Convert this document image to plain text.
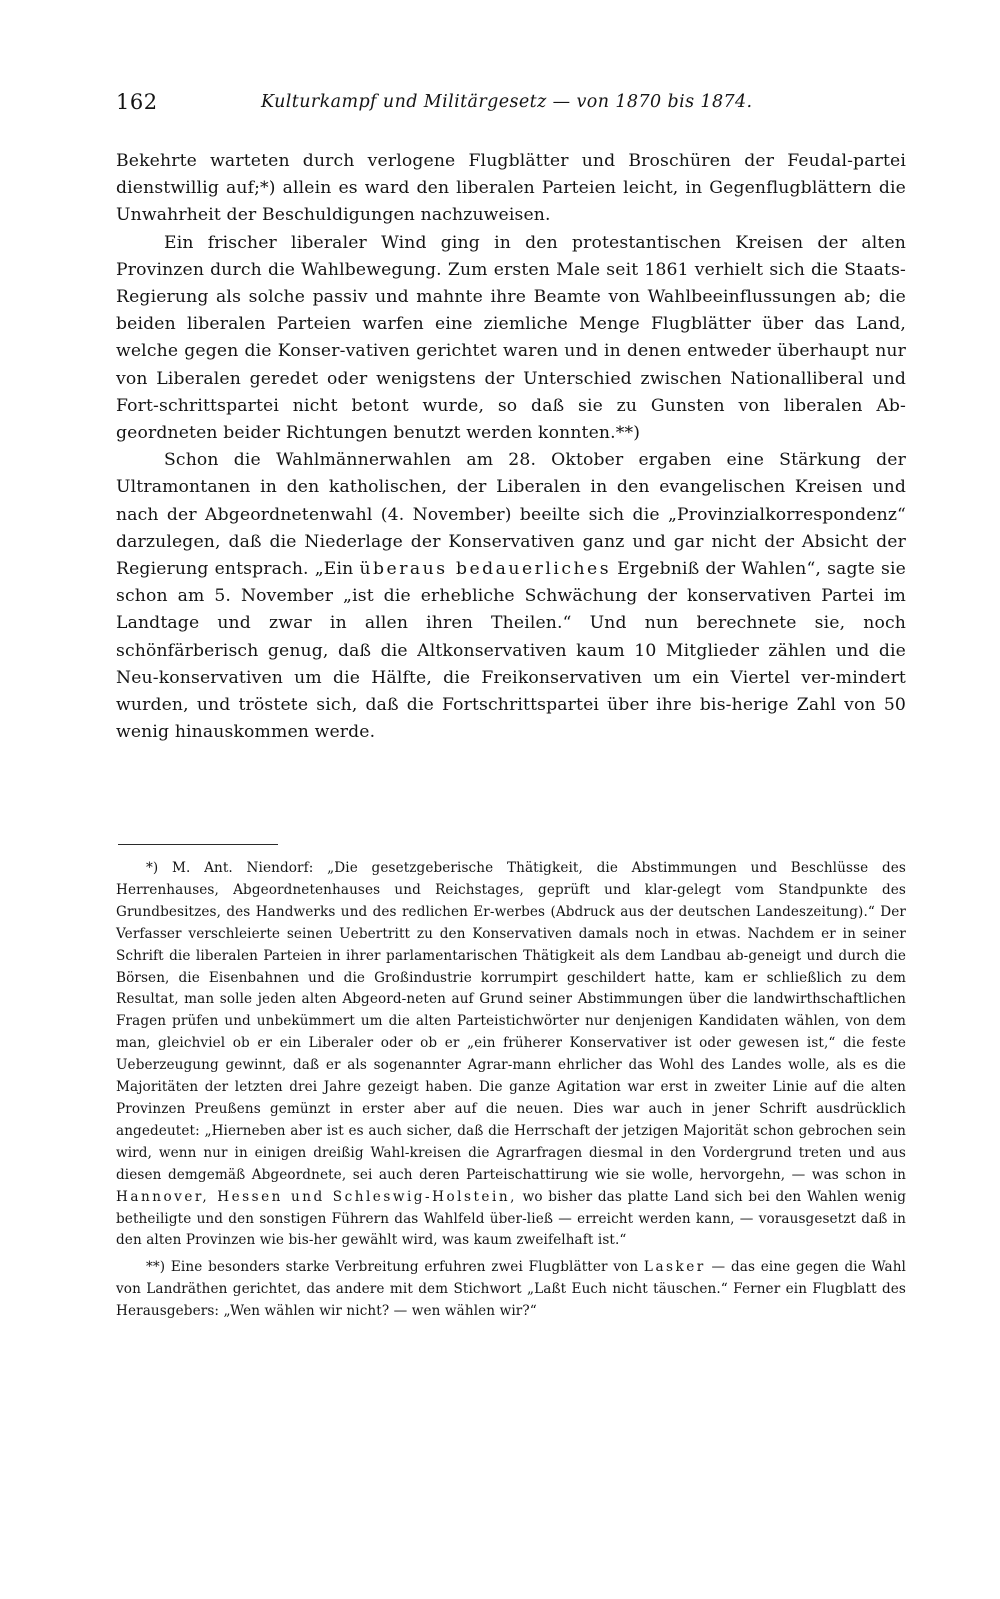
162	Kulturkampf und Militärgesetz — von 1870 bis 1874.

Bekehrte warteten durch verlogene Flugblätter und Broschüren der Feudal-partei dienstwillig auf;*) allein es ward den liberalen Parteien leicht, in Gegenflugblättern die Unwahrheit der Beschuldigungen nachzuweisen.

Ein frischer liberaler Wind ging in den protestantischen Kreisen der alten Provinzen durch die Wahlbewegung. Zum ersten Male seit 1861 verhielt sich die Staats-Regierung als solche passiv und mahnte ihre Beamte von Wahlbeeinflussungen ab; die beiden liberalen Parteien warfen eine ziemliche Menge Flugblätter über das Land, welche gegen die Konser-vativen gerichtet waren und in denen entweder überhaupt nur von Liberalen geredet oder wenigstens der Unterschied zwischen Nationalliberal und Fort-schrittspartei nicht betont wurde, so daß sie zu Gunsten von liberalen Ab-geordneten beider Richtungen benutzt werden konnten.**)

Schon die Wahlmännerwahlen am 28. Oktober ergaben eine Stärkung der Ultramontanen in den katholischen, der Liberalen in den evangelischen Kreisen und nach der Abgeordnetenwahl (4. November) beeilte sich die „Provinzialkorrespondenz“ darzulegen, daß die Niederlage der Konservativen ganz und gar nicht der Absicht der Regierung entsprach. „Ein überaus bedauerliches Ergebniß der Wahlen“, sagte sie schon am 5. November „ist die erhebliche Schwächung der konservativen Partei im Landtage und zwar in allen ihren Theilen.“ Und nun berechnete sie, noch schönfärberisch genug, daß die Altkonservativen kaum 10 Mitglieder zählen und die Neu-konservativen um die Hälfte, die Freikonservativen um ein Viertel ver-mindert wurden, und tröstete sich, daß die Fortschrittspartei über ihre bis-herige Zahl von 50 wenig hinauskommen werde.

*) M. Ant. Niendorf: „Die gesetzgeberische Thätigkeit, die Abstimmungen und Beschlüsse des Herrenhauses, Abgeordnetenhauses und Reichstages, geprüft und klar-gelegt vom Standpunkte des Grundbesitzes, des Handwerks und des redlichen Er-werbes (Abdruck aus der deutschen Landeszeitung).“ Der Verfasser verschleierte seinen Uebertritt zu den Konservativen damals noch in etwas. Nachdem er in seiner Schrift die liberalen Parteien in ihrer parlamentarischen Thätigkeit als dem Landbau ab-geneigt und durch die Börsen, die Eisenbahnen und die Großindustrie korrumpirt geschildert hatte, kam er schließlich zu dem Resultat, man solle jeden alten Abgeord-neten auf Grund seiner Abstimmungen über die landwirthschaftlichen Fragen prüfen und unbekümmert um die alten Parteistichwörter nur denjenigen Kandidaten wählen, von dem man, gleichviel ob er ein Liberaler oder ob er „ein früherer Konservativer ist oder gewesen ist,“ die feste Ueberzeugung gewinnt, daß er als sogenannter Agrar-mann ehrlicher das Wohl des Landes wolle, als es die Majoritäten der letzten drei Jahre gezeigt haben. Die ganze Agitation war erst in zweiter Linie auf die alten Provinzen Preußens gemünzt in erster aber auf die neuen. Dies war auch in jener Schrift ausdrücklich angedeutet: „Hierneben aber ist es auch sicher, daß die Herrschaft der jetzigen Majorität schon gebrochen sein wird, wenn nur in einigen dreißig Wahl-kreisen die Agrarfragen diesmal in den Vordergrund treten und aus diesen demgemäß Abgeordnete, sei auch deren Parteischattirung wie sie wolle, hervorgehn, — was schon in Hannover, Hessen und Schleswig-Holstein, wo bisher das platte Land sich bei den Wahlen wenig betheiligte und den sonstigen Führern das Wahlfeld über-ließ — erreicht werden kann, — vorausgesetzt daß in den alten Provinzen wie bis-her gewählt wird, was kaum zweifelhaft ist.“

**) Eine besonders starke Verbreitung erfuhren zwei Flugblätter von Lasker — das eine gegen die Wahl von Landräthen gerichtet, das andere mit dem Stichwort „Laßt Euch nicht täuschen.“ Ferner ein Flugblatt des Herausgebers: „Wen wählen wir nicht? — wen wählen wir?“
